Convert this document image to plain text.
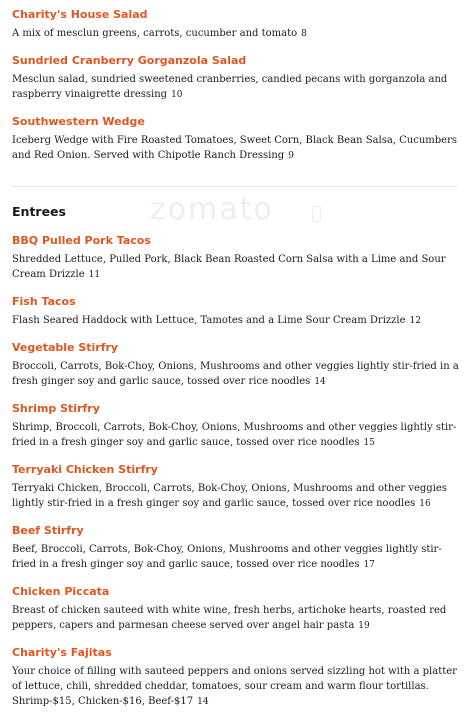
zomato
Charity's House Salad

A mix of mesclun greens, carrots, cucumber and tomato 8

Sundried Cranberry Gorganzola Salad

Mesclun salad, sundried sweetened cranberries, candied pecans with gorganzola and raspberry vinaigrette dressing 10

Southwestern Wedge

Iceberg Wedge with Fire Roasted Tomatoes, Sweet Corn, Black Bean Salsa, Cucumbers and Red Onion. Served with Chipotle Ranch Dressing 9

Entrees
BBQ Pulled Pork Tacos

Shredded Lettuce, Pulled Pork, Black Bean Roasted Corn Salsa with a Lime and Sour Cream Drizzle 11

Fish Tacos

Flash Seared Haddock with Lettuce, Tamotes and a Lime Sour Cream Drizzle 12

Vegetable Stirfry

Broccoli, Carrots, Bok-Choy, Onions, Mushrooms and other veggies lightly stir-fried in a fresh ginger soy and garlic sauce, tossed over rice noodles 14

Shrimp Stirfry

Shrimp, Broccoli, Carrots, Bok-Choy, Onions, Mushrooms and other veggies lightly stir-fried in a fresh ginger soy and garlic sauce, tossed over rice noodles 15

Terryaki Chicken Stirfry

Terryaki Chicken, Broccoli, Carrots, Bok-Choy, Onions, Mushrooms and other veggies lightly stir-fried in a fresh ginger soy and garlic sauce, tossed over rice noodles 16

Beef Stirfry

Beef, Broccoli, Carrots, Bok-Choy, Onions, Mushrooms and other veggies lightly stir-fried in a fresh ginger soy and garlic sauce, tossed over rice noodles 17

Chicken Piccata

Breast of chicken sauteed with white wine, fresh herbs, artichoke hearts, roasted red peppers, capers and parmesan cheese served over angel hair pasta 19

Charity's Fajitas

Your choice of filling with sauteed peppers and onions served sizzling hot with a platter of lettuce, chili, shredded cheddar, tomatoes, sour cream and warm flour tortillas. Shrimp-$15, Chicken-$16, Beef-$17 14
